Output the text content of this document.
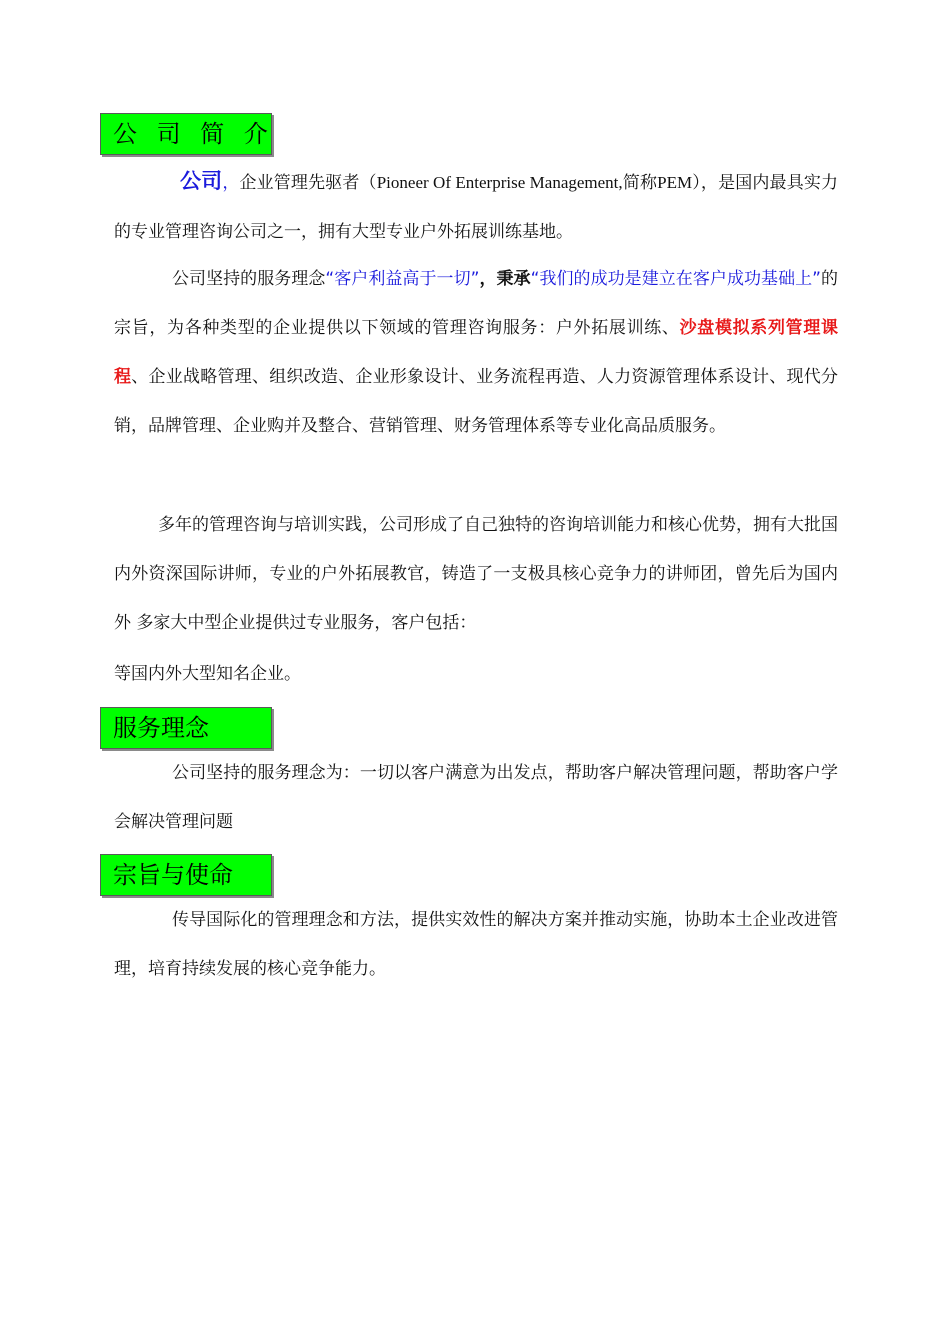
公 司 简 介
公司，企业管理先驱者（Pioneer Of Enterprise Management,简称PEM），是国内最具实力的专业管理咨询公司之一，拥有大型专业户外拓展训练基地。
公司坚持的服务理念“客户利益高于一切”，秉承“我们的成功是建立在客户成功基础上”的宗旨，为各种类型的企业提供以下领域的管理咨询服务：户外拓展训练、沙盘模拟系列管理课程、企业战略管理、组织改造、企业形象设计、业务流程再造、人力资源管理体系设计、现代分销，品牌管理、企业购并及整合、营销管理、财务管理体系等专业化高品质服务。
多年的管理咨询与培训实践，公司形成了自己独特的咨询培训能力和核心优势，拥有大批国内外资深国际讲师，专业的户外拓展教官，铸造了一支极具核心竞争力的讲师团，曾先后为国内外 多家大中型企业提供过专业服务，客户包括：
等国内外大型知名企业。
服务理念
公司坚持的服务理念为：一切以客户满意为出发点，帮助客户解决管理问题，帮助客户学会解决管理问题
宗旨与使命
传导国际化的管理理念和方法，提供实效性的解决方案并推动实施，协助本土企业改进管理，培育持续发展的核心竞争能力。
